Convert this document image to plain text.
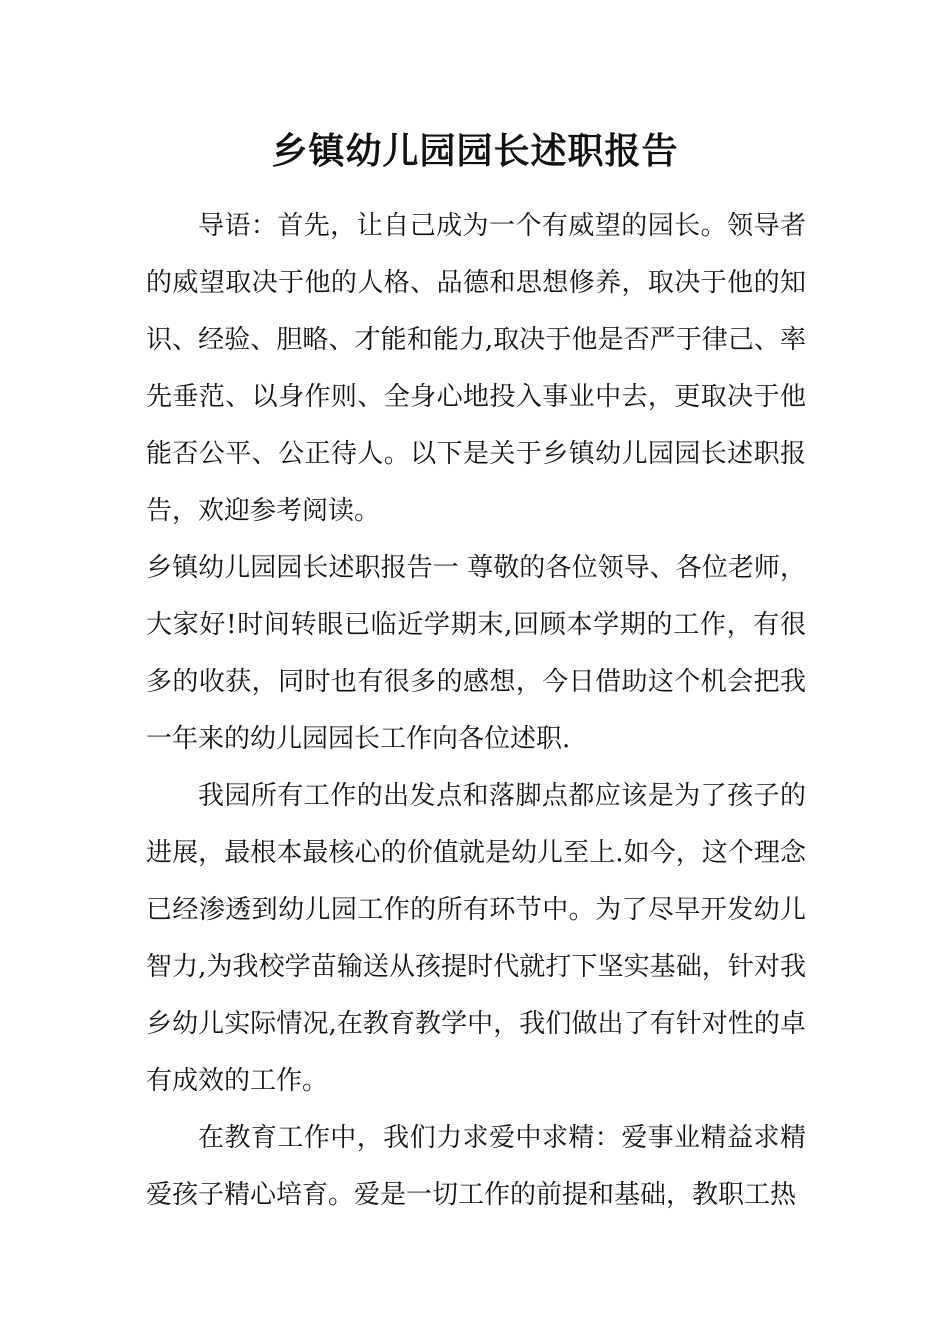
乡镇幼儿园园长述职报告

导语：首先，让自己成为一个有威望的园长。领导者的威望取决于他的人格、品德和思想修养，取决于他的知识、经验、胆略、才能和能力,取决于他是否严于律己、率先垂范、以身作则、全身心地投入事业中去，更取决于他能否公平、公正待人。以下是关于乡镇幼儿园园长述职报告，欢迎参考阅读。

乡镇幼儿园园长述职报告一 尊敬的各位领导、各位老师，大家好!时间转眼已临近学期末,回顾本学期的工作，有很多的收获，同时也有很多的感想，今日借助这个机会把我一年来的幼儿园园长工作向各位述职.

我园所有工作的出发点和落脚点都应该是为了孩子的进展，最根本最核心的价值就是幼儿至上.如今，这个理念已经渗透到幼儿园工作的所有环节中。为了尽早开发幼儿智力,为我校学苗输送从孩提时代就打下坚实基础，针对我乡幼儿实际情况,在教育教学中，我们做出了有针对性的卓有成效的工作。

在教育工作中，我们力求爱中求精：爱事业精益求精爱孩子精心培育。爱是一切工作的前提和基础，教职工热
